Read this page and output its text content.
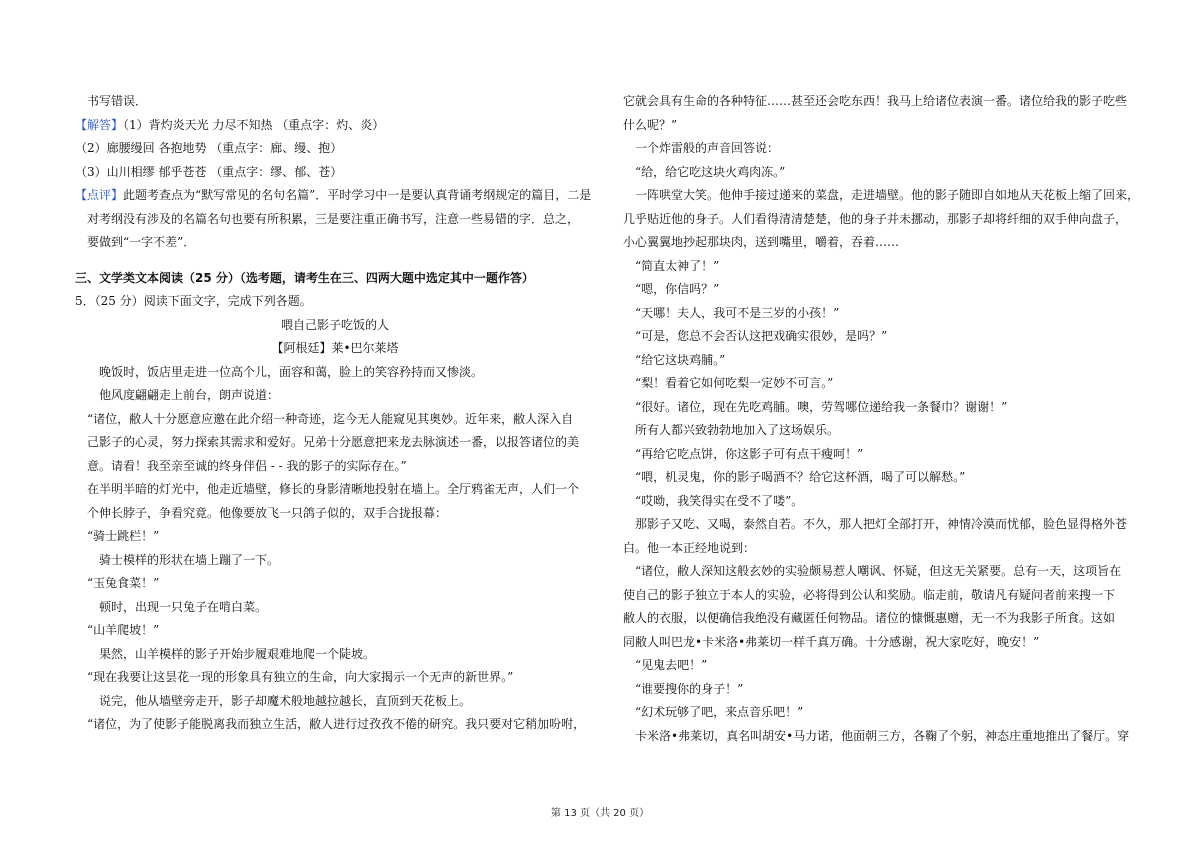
书写错误．
【解答】（1）背灼炎天光 力尽不知热 （重点字：灼、炎）
（2）廊腰缦回 各抱地势 （重点字：廊、缦、抱）
（3）山川相缪 郁乎苍苍 （重点字：缪、郁、苍）
【点评】此题考查点为“默写常见的名句名篇”．平时学习中一是要认真背诵考纲规定的篇目，二是
对考纲没有涉及的名篇名句也要有所积累，三是要注重正确书写，注意一些易错的字．总之，
要做到“一字不差”．
三、文学类文本阅读（25 分）（选考题，请考生在三、四两大题中选定其中一题作答）
5．（25 分）阅读下面文字，完成下列各题。
喂自己影子吃饭的人
【阿根廷】莱•巴尔莱塔
晚饭时，饭店里走进一位高个儿，面容和蔼，脸上的笑容矜持而又惨淡。
他风度翩翩走上前台，朗声说道：
“诸位，敝人十分愿意应邀在此介绍一种奇迹，迄今无人能窥见其奥妙。近年来，敝人深入自
己影子的心灵，努力探索其需求和爱好。兄弟十分愿意把来龙去脉演述一番，以报答诸位的美
意。请看！我至亲至诚的终身伴侣 - - 我的影子的实际存在。”
在半明半暗的灯光中，他走近墙壁，修长的身影清晰地投射在墙上。全厅鸦雀无声，人们一个
个伸长脖子，争看究竟。他像要放飞一只鸽子似的，双手合拢报幕：
“骑士跳栏！”
骑士模样的形状在墙上蹦了一下。
“玉兔食菜！”
顿时，出现一只兔子在啃白菜。
“山羊爬坡！”
果然，山羊模样的影子开始步履艰难地爬一个陡坡。
“现在我要让这昙花一现的形象具有独立的生命，向大家揭示一个无声的新世界。”
说完，他从墙壁旁走开，影子却魔术般地越拉越长，直顶到天花板上。
“诸位，为了使影子能脱离我而独立生活，敝人进行过孜孜不倦的研究。我只要对它稍加吩咐，
它就会具有生命的各种特征……甚至还会吃东西！我马上给诸位表演一番。诸位给我的影子吃些
什么呢？”
一个炸雷般的声音回答说：
“给，给它吃这块火鸡肉冻。”
一阵哄堂大笑。他伸手接过递来的菜盘，走进墙壁。他的影子随即自如地从天花板上缩了回来，
几乎贴近他的身子。人们看得清清楚楚，他的身子并未挪动，那影子却将纤细的双手伸向盘子，
小心翼翼地抄起那块肉，送到嘴里，嚼着，吞着……
“简直太神了！”
“嗯，你信吗？”
“天哪！夫人，我可不是三岁的小孩！”
“可是，您总不会否认这把戏确实很妙，是吗？”
“给它这块鸡脯。”
“梨！看着它如何吃梨一定妙不可言。”
“很好。诸位，现在先吃鸡脯。噢，劳驾哪位递给我一条餐巾？谢谢！”
所有人都兴致勃勃地加入了这场娱乐。
“再给它吃点饼，你这影子可有点干瘦呵！”
“喂，机灵鬼，你的影子喝酒不？给它这杯酒，喝了可以解愁。”
“哎呦，我笑得实在受不了喽”。
那影子又吃、又喝，泰然自若。不久，那人把灯全部打开，神情冷漠而忧郁，脸色显得格外苍
白。他一本正经地说到：
“诸位，敝人深知这般玄妙的实验颇易惹人嘲讽、怀疑，但这无关紧要。总有一天，这项旨在
使自己的影子独立于本人的实验，必将得到公认和奖励。临走前，敬请凡有疑问者前来搜一下
敝人的衣服，以便确信我绝没有藏匿任何物品。诸位的慷慨惠赠，无一不为我影子所食。这如
同敝人叫巴龙•卡米洛•弗莱切一样千真万确。十分感谢，祝大家吃好，晚安！”
“见鬼去吧！”
“谁要搜你的身子！”
“幻术玩够了吧，来点音乐吧！”
卡米洛•弗莱切，真名叫胡安•马力诺，他面朝三方，各鞠了个躬，神态庄重地推出了餐厅。穿
第 13 页（共 20 页）
